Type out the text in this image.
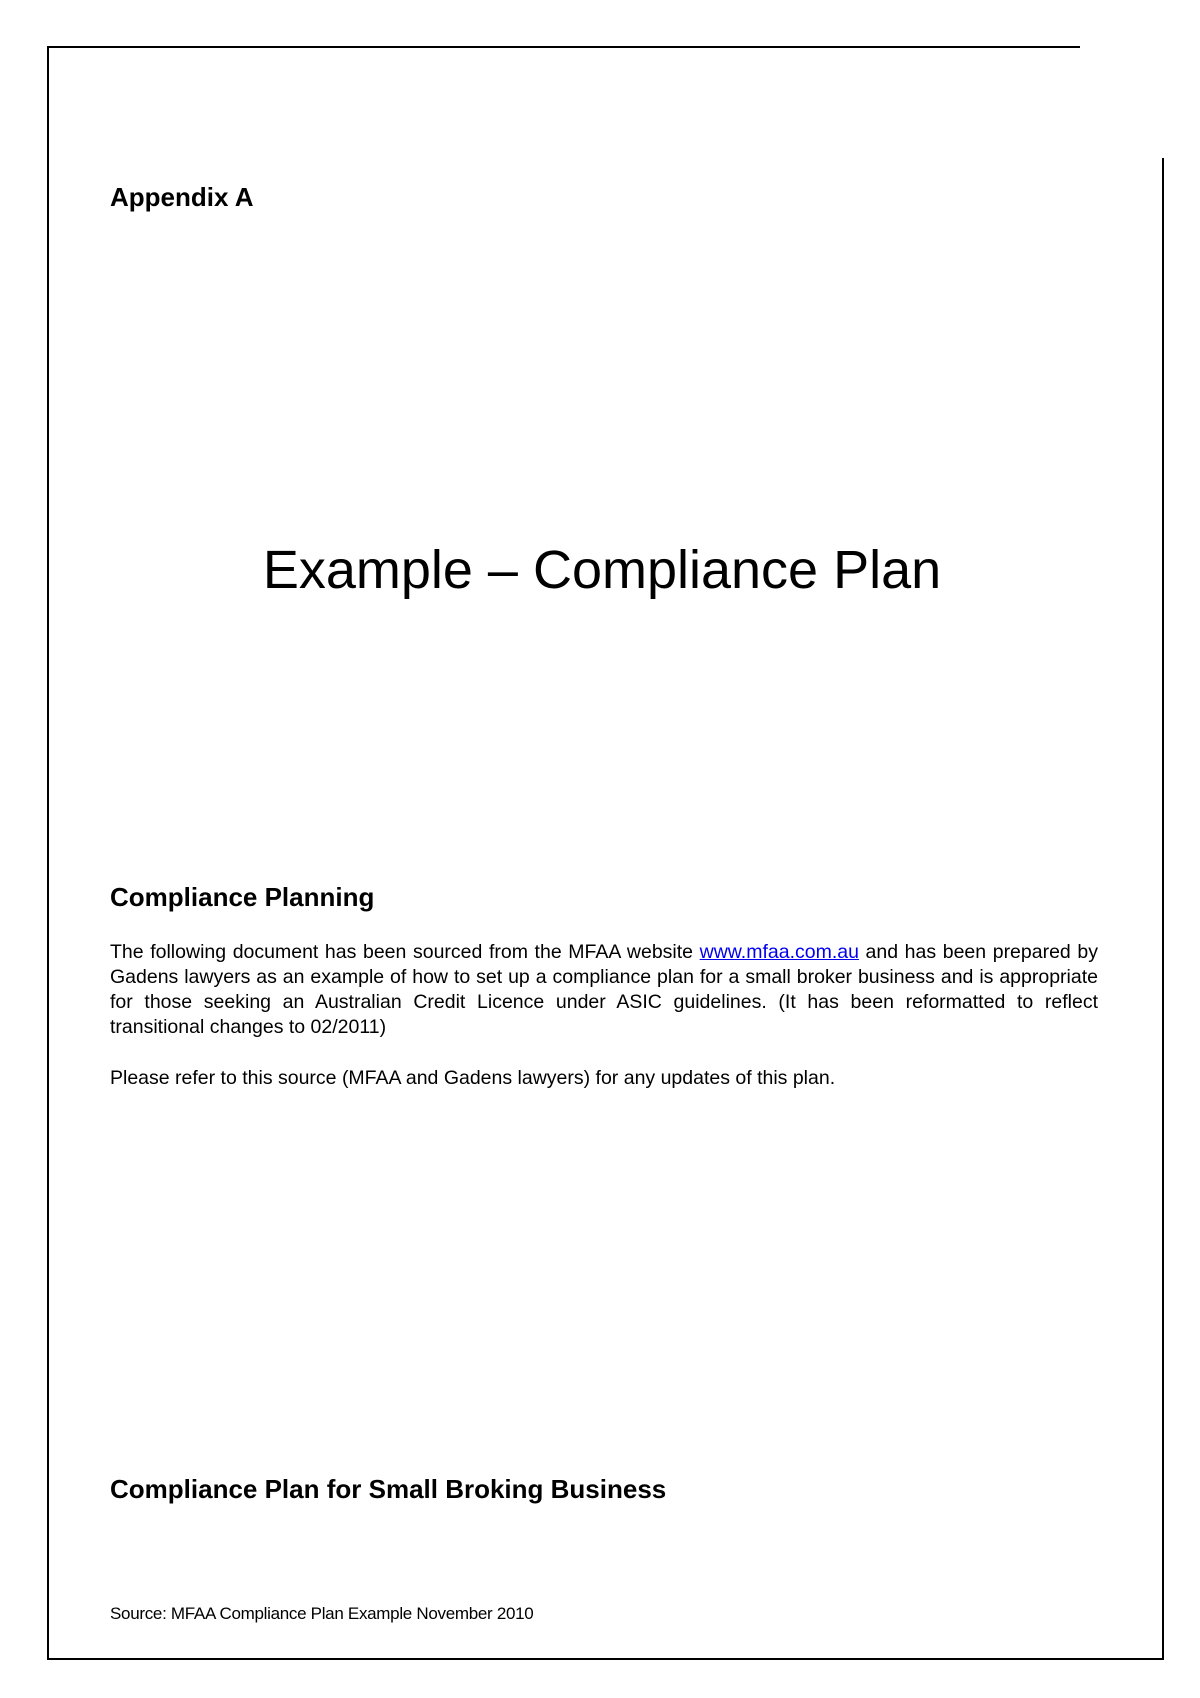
Appendix A
Example – Compliance Plan
Compliance Planning

The following document has been sourced from the MFAA website www.mfaa.com.au and has been prepared by Gadens lawyers as an example of how to set up a compliance plan for a small broker business and is appropriate for those seeking an Australian Credit Licence under ASIC guidelines. (It has been reformatted to reflect transitional changes to 02/2011)

Please refer to this source (MFAA and Gadens lawyers) for any updates of this plan.

Compliance Plan for Small Broking Business

Source: MFAA Compliance Plan Example November 2010
